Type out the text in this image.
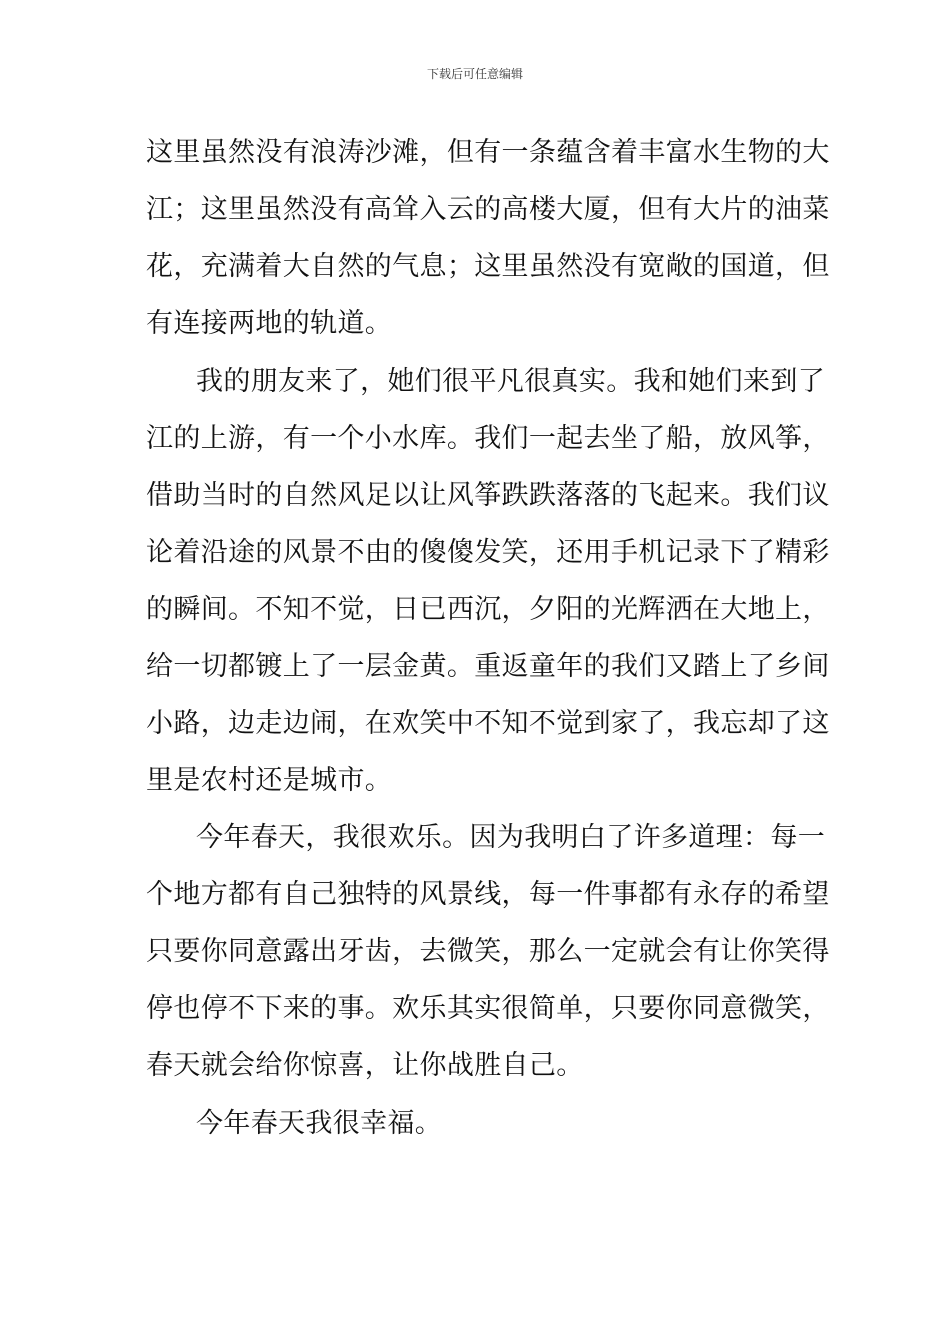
下载后可任意编辑
这里虽然没有浪涛沙滩，但有一条蕴含着丰富水生物的大
江；这里虽然没有高耸入云的高楼大厦，但有大片的油菜
花，充满着大自然的气息；这里虽然没有宽敞的国道，但
有连接两地的轨道。
我的朋友来了，她们很平凡很真实。我和她们来到了
江的上游，有一个小水库。我们一起去坐了船，放风筝，
借助当时的自然风足以让风筝跌跌落落的飞起来。我们议
论着沿途的风景不由的傻傻发笑，还用手机记录下了精彩
的瞬间。不知不觉，日已西沉，夕阳的光辉洒在大地上，
给一切都镀上了一层金黄。重返童年的我们又踏上了乡间
小路，边走边闹，在欢笑中不知不觉到家了，我忘却了这
里是农村还是城市。
今年春天，我很欢乐。因为我明白了许多道理：每一
个地方都有自己独特的风景线，每一件事都有永存的希望
只要你同意露出牙齿，去微笑，那么一定就会有让你笑得
停也停不下来的事。欢乐其实很简单，只要你同意微笑，
春天就会给你惊喜，让你战胜自己。
今年春天我很幸福。
